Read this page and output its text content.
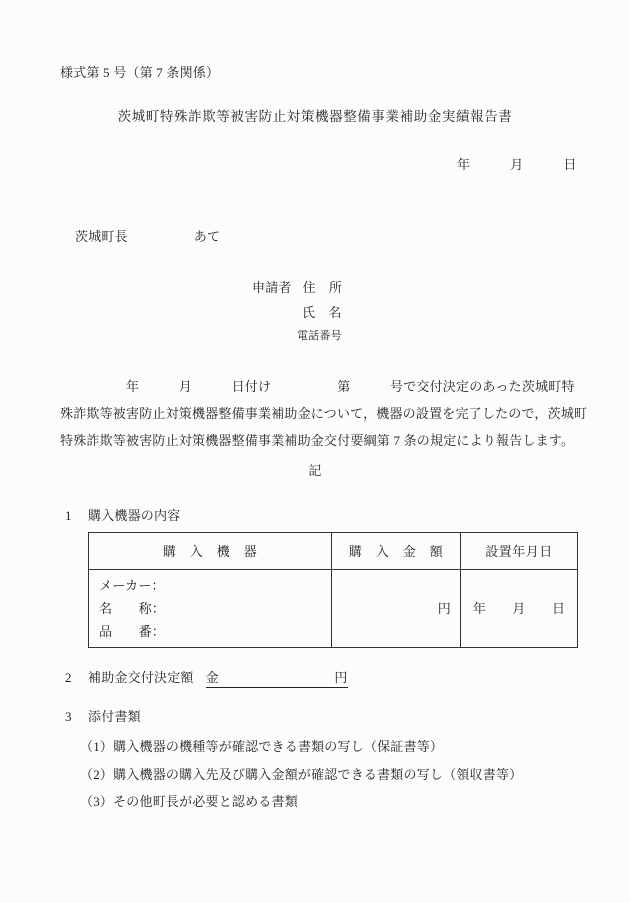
様式第 5 号（第 7 条関係）
茨城町特殊詐欺等被害防止対策機器整備事業補助金実績報告書
年	月	日
茨城町長	あて
申請者 住　所
氏　名
電話番号
　　　　　年　　　月　　　日付け　　　　　第　　　号で交付決定のあった茨城町特
殊詐欺等被害防止対策機器整備事業補助金について，機器の設置を完了したので，茨城町
特殊詐欺等被害防止対策機器整備事業補助金交付要綱第 7 条の規定により報告します。
記
1	購入機器の内容
購　入　機　器	購　入　金　額	設置年月日

メーカー：
名　　称：
品　　番：	円	年　　月　　日
2	補助金交付決定額 金	円
3	添付書類
（1）購入機器の機種等が確認できる書類の写し（保証書等）
（2）購入機器の購入先及び購入金額が確認できる書類の写し（領収書等）
（3）その他町長が必要と認める書類
